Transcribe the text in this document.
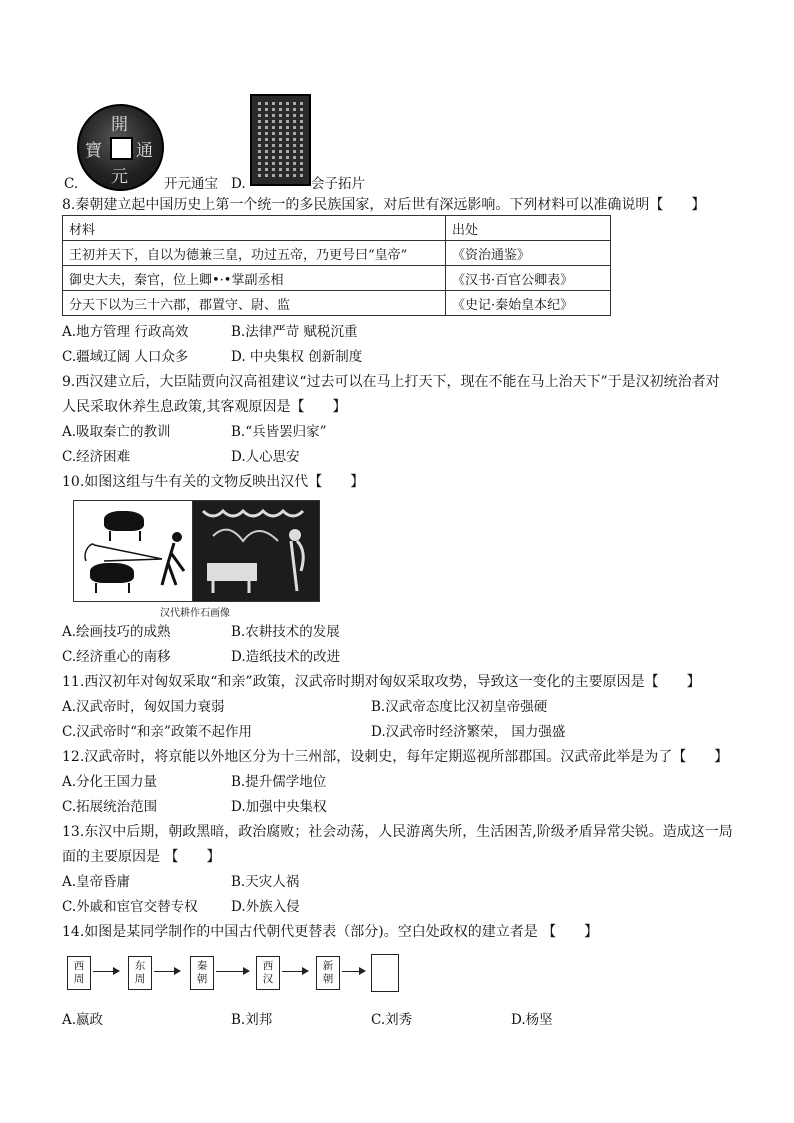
開
通
元
寶
C.	开元通宝 D.	会子拓片
8.秦朝建立起中国历史上第一个统一的多民族国家，对后世有深远影响。下列材料可以准确说明【　　】
材料	出处
王初并天下，自以为德兼三皇，功过五帝，乃更号曰“皇帝”	《资治通鉴》
御史大夫，秦官，位上卿•·•掌副丞相	《汉书·百官公卿表》
分天下以为三十六郡，郡置守、尉、监	《史记·秦始皇本纪》
A.地方管理 行政高效	B.法律严苛 赋税沉重
C.疆域辽阔 人口众多	D. 中央集权 创新制度
9.西汉建立后，大臣陆贾向汉高祖建议“过去可以在马上打天下，现在不能在马上治天下”于是汉初统治者对
人民采取休养生息政策,其客观原因是【　　】
A.吸取秦亡的教训	B.“兵皆罢归家”
C.经济困难	D.人心思安
10.如图这组与牛有关的文物反映出汉代【　　】
汉代耕作石画像
A.绘画技巧的成熟	B.农耕技术的发展
C.经济重心的南移	D.造纸技术的改进
11.西汉初年对匈奴采取“和亲”政策，汉武帝时期对匈奴采取攻势，导致这一变化的主要原因是【　　】
A.汉武帝时，匈奴国力衰弱	B.汉武帝态度比汉初皇帝强硬
C.汉武帝时“和亲”政策不起作用	D.汉武帝时经济繁荣， 国力强盛
12.汉武帝时，将京能以外地区分为十三州部，设刺史，每年定期巡视所部郡国。汉武帝此举是为了【　　】
A.分化王国力量	B.提升儒学地位
C.拓展统治范围	D.加强中央集权
13.东汉中后期，朝政黑暗，政治腐败；社会动荡，人民游离失所，生活困苦,阶级矛盾异常尖锐。造成这一局
面的主要原因是 【　　】
A.皇帝昏庸	B.天灾人祸
C.外戚和宦官交替专权 D.外族入侵
14.如图是某同学制作的中国古代朝代更替表（部分)。空白处政权的建立者是 【　　】
西
周
东
周
秦
朝
西
汉
新
朝
A.嬴政	B.刘邦	C.刘秀	D.杨坚
